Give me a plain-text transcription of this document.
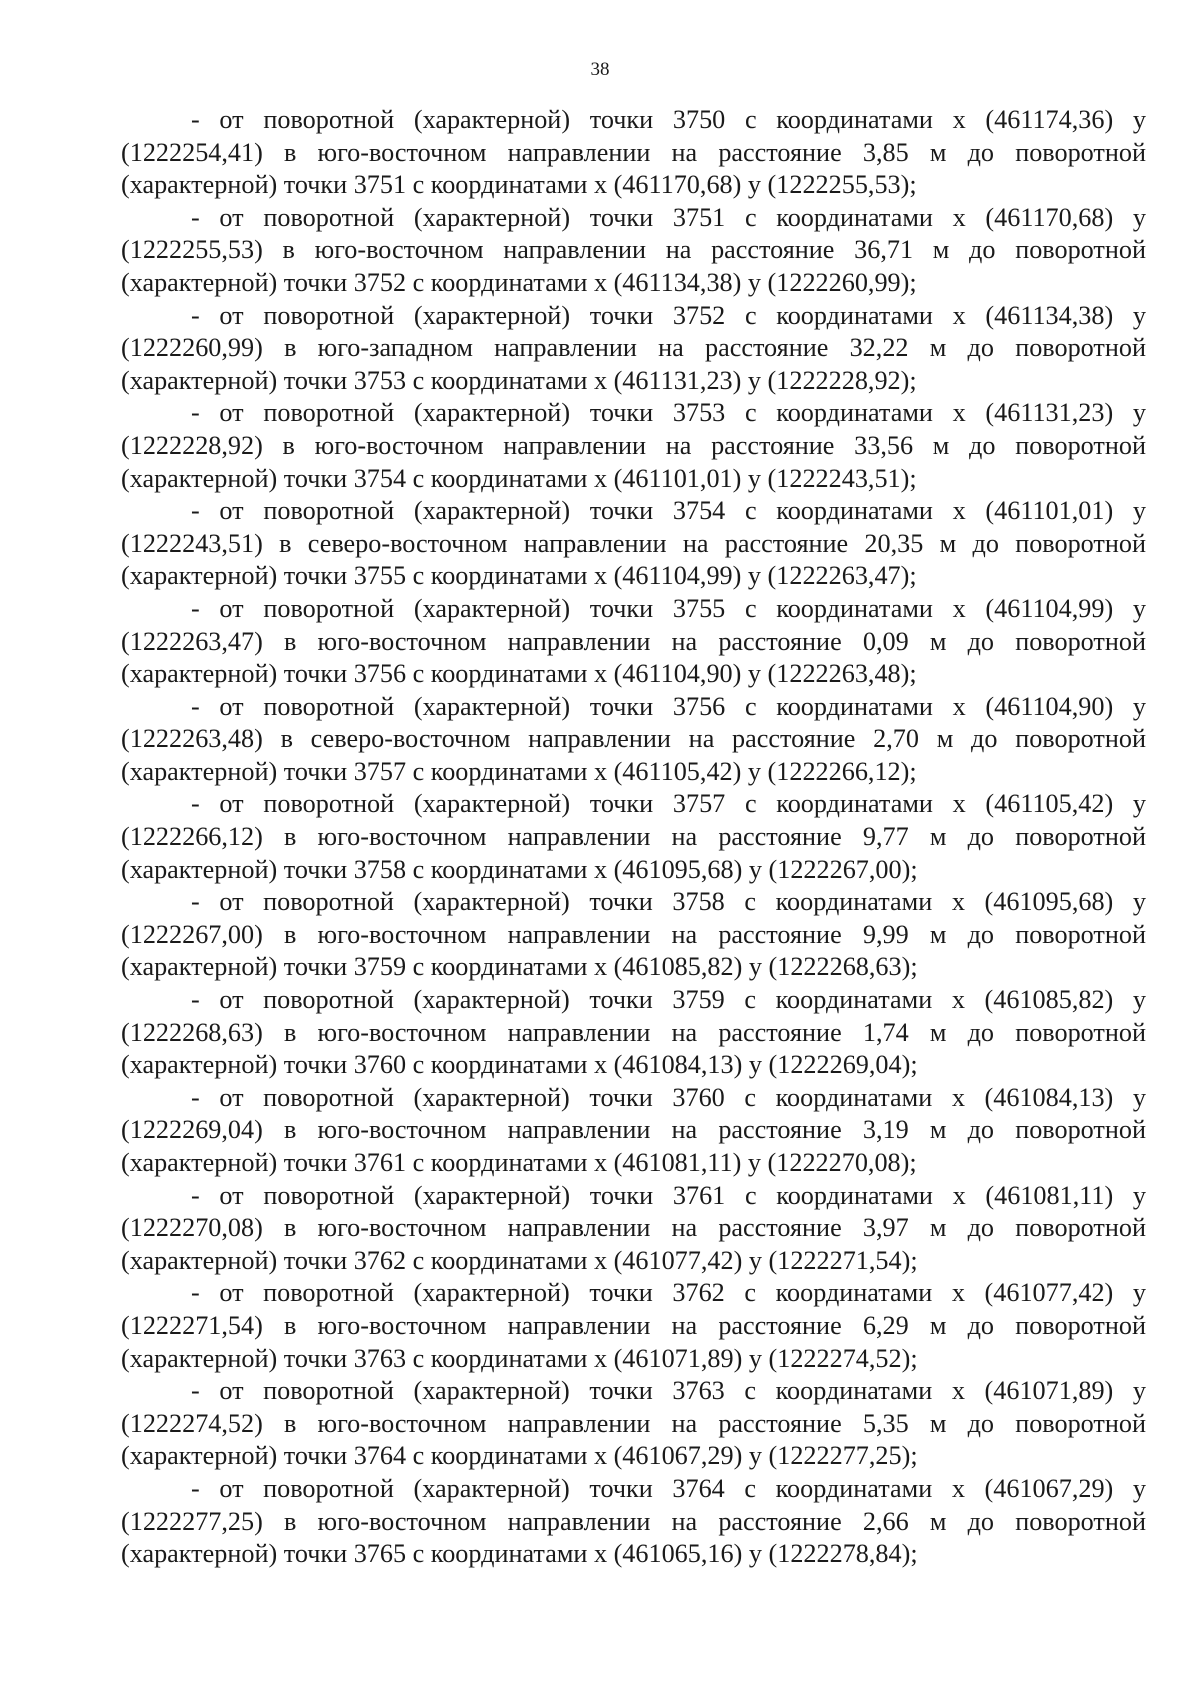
38

- от поворотной (характерной) точки 3750 с координатами х (461174,36) у (1222254,41) в юго-восточном направлении на расстояние 3,85 м до поворотной (характерной) точки 3751 с координатами х (461170,68) у (1222255,53);

- от поворотной (характерной) точки 3751 с координатами х (461170,68) у (1222255,53) в юго-восточном направлении на расстояние 36,71 м до поворотной (характерной) точки 3752 с координатами х (461134,38) у (1222260,99);

- от поворотной (характерной) точки 3752 с координатами х (461134,38) у (1222260,99) в юго-западном направлении на расстояние 32,22 м до поворотной (характерной) точки 3753 с координатами х (461131,23) у (1222228,92);

- от поворотной (характерной) точки 3753 с координатами х (461131,23) у (1222228,92) в юго-восточном направлении на расстояние 33,56 м до поворотной (характерной) точки 3754 с координатами х (461101,01) у (1222243,51);

- от поворотной (характерной) точки 3754 с координатами х (461101,01) у (1222243,51) в северо-восточном направлении на расстояние 20,35 м до поворотной (характерной) точки 3755 с координатами х (461104,99) у (1222263,47);

- от поворотной (характерной) точки 3755 с координатами х (461104,99) у (1222263,47) в юго-восточном направлении на расстояние 0,09 м до поворотной (характерной) точки 3756 с координатами х (461104,90) у (1222263,48);

- от поворотной (характерной) точки 3756 с координатами х (461104,90) у (1222263,48) в северо-восточном направлении на расстояние 2,70 м до поворотной (характерной) точки 3757 с координатами х (461105,42) у (1222266,12);

- от поворотной (характерной) точки 3757 с координатами х (461105,42) у (1222266,12) в юго-восточном направлении на расстояние 9,77 м до поворотной (характерной) точки 3758 с координатами х (461095,68) у (1222267,00);

- от поворотной (характерной) точки 3758 с координатами х (461095,68) у (1222267,00) в юго-восточном направлении на расстояние 9,99 м до поворотной (характерной) точки 3759 с координатами х (461085,82) у (1222268,63);

- от поворотной (характерной) точки 3759 с координатами х (461085,82) у (1222268,63) в юго-восточном направлении на расстояние 1,74 м до поворотной (характерной) точки 3760 с координатами х (461084,13) у (1222269,04);

- от поворотной (характерной) точки 3760 с координатами х (461084,13) у (1222269,04) в юго-восточном направлении на расстояние 3,19 м до поворотной (характерной) точки 3761 с координатами х (461081,11) у (1222270,08);

- от поворотной (характерной) точки 3761 с координатами х (461081,11) у (1222270,08) в юго-восточном направлении на расстояние 3,97 м до поворотной (характерной) точки 3762 с координатами х (461077,42) у (1222271,54);

- от поворотной (характерной) точки 3762 с координатами х (461077,42) у (1222271,54) в юго-восточном направлении на расстояние 6,29 м до поворотной (характерной) точки 3763 с координатами х (461071,89) у (1222274,52);

- от поворотной (характерной) точки 3763 с координатами х (461071,89) у (1222274,52) в юго-восточном направлении на расстояние 5,35 м до поворотной (характерной) точки 3764 с координатами х (461067,29) у (1222277,25);

- от поворотной (характерной) точки 3764 с координатами х (461067,29) у (1222277,25) в юго-восточном направлении на расстояние 2,66 м до поворотной (характерной) точки 3765 с координатами х (461065,16) у (1222278,84);
